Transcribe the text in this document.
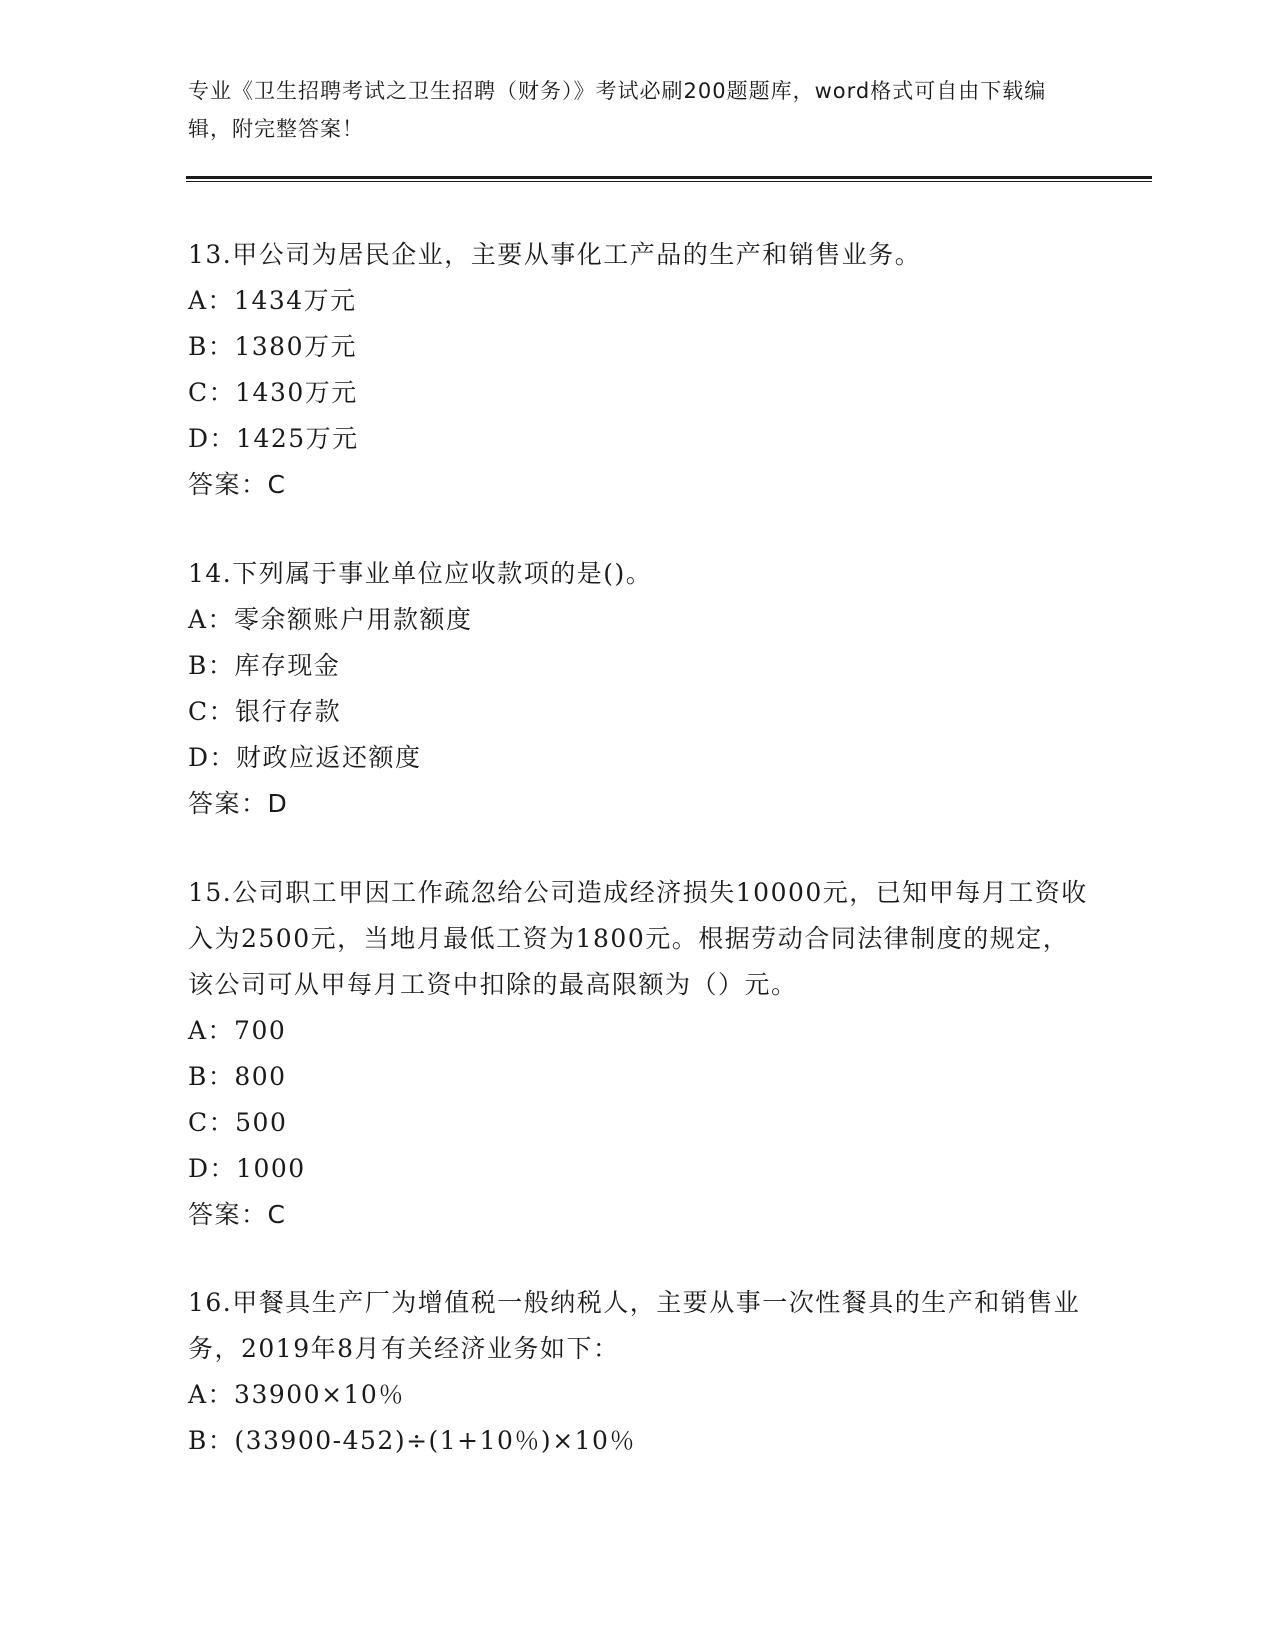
专业《卫生招聘考试之卫生招聘（财务）》考试必刷200题题库，word格式可自由下载编辑，附完整答案！
13.甲公司为居民企业，主要从事化工产品的生产和销售业务。
A：1434万元
B：1380万元
C：1430万元
D：1425万元
答案：C
14.下列属于事业单位应收款项的是()。
A：零余额账户用款额度
B：库存现金
C：银行存款
D：财政应返还额度
答案：D
15.公司职工甲因工作疏忽给公司造成经济损失10000元，已知甲每月工资收入为2500元，当地月最低工资为1800元。根据劳动合同法律制度的规定，该公司可从甲每月工资中扣除的最高限额为（）元。
A：700
B：800
C：500
D：1000
答案：C
16.甲餐具生产厂为增值税一般纳税人，主要从事一次性餐具的生产和销售业务，2019年8月有关经济业务如下：
A：33900×10％
B：(33900-452)÷(1+10％)×10％
